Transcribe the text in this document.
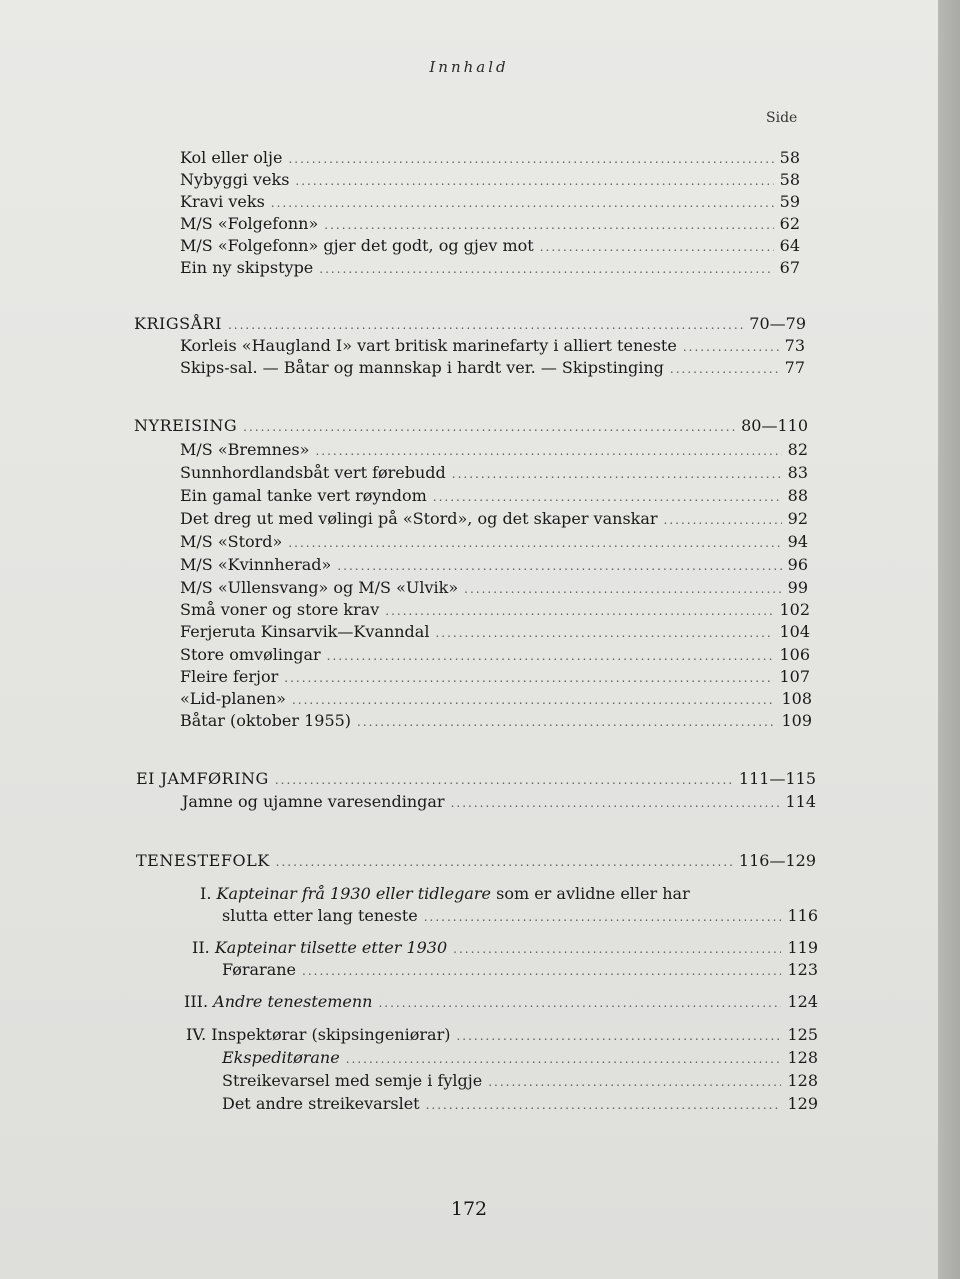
Innhald
Side
Kol eller olje .....	58
Nybyggi veks .....	58
Kravi veks .....	59
M/S «Folgefonn» .....	62
M/S «Folgefonn» gjer det godt, og gjev mot .....	64
Ein ny skipstype .....	67
KRIGSÅRI .....	70—79
Korleis «Haugland I» vart britisk marinefarty i alliert teneste .....	73
Skips-sal. — Båtar og mannskap i hardt ver. — Skipstinging .....	77
NYREISING .....	80—110
M/S «Bremnes» .....	82
Sunnhordlandsbåt vert førebudd .....	83
Ein gamal tanke vert røyndom .....	88
Det dreg ut med vølingi på «Stord», og det skaper vanskar .....	92
M/S «Stord» .....	94
M/S «Kvinnherad» .....	96
M/S «Ullensvang» og M/S «Ulvik» .....	99
Små voner og store krav .....	102
Ferjeruta Kinsarvik—Kvanndal .....	104
Store omvølingar .....	106
Fleire ferjor .....	107
«Lid-planen» .....	108
Båtar (oktober 1955) .....	109
EI JAMFØRING .....	111—115
Jamne og ujamne varesendingar .....	114
TENESTEFOLK .....	116—129
I. Kapteinar frå 1930 eller tidlegare som er avlidne eller har
slutta etter lang teneste .....	116
II. Kapteinar tilsette etter 1930 .....	119
Førarane .....	123
III. Andre tenestemenn .....	124
IV. Inspektørar (skipsingeniørar) .....	125
Ekspeditørane .....	128
Streikevarsel med semje i fylgje .....	128
Det andre streikevarslet .....	129
172
